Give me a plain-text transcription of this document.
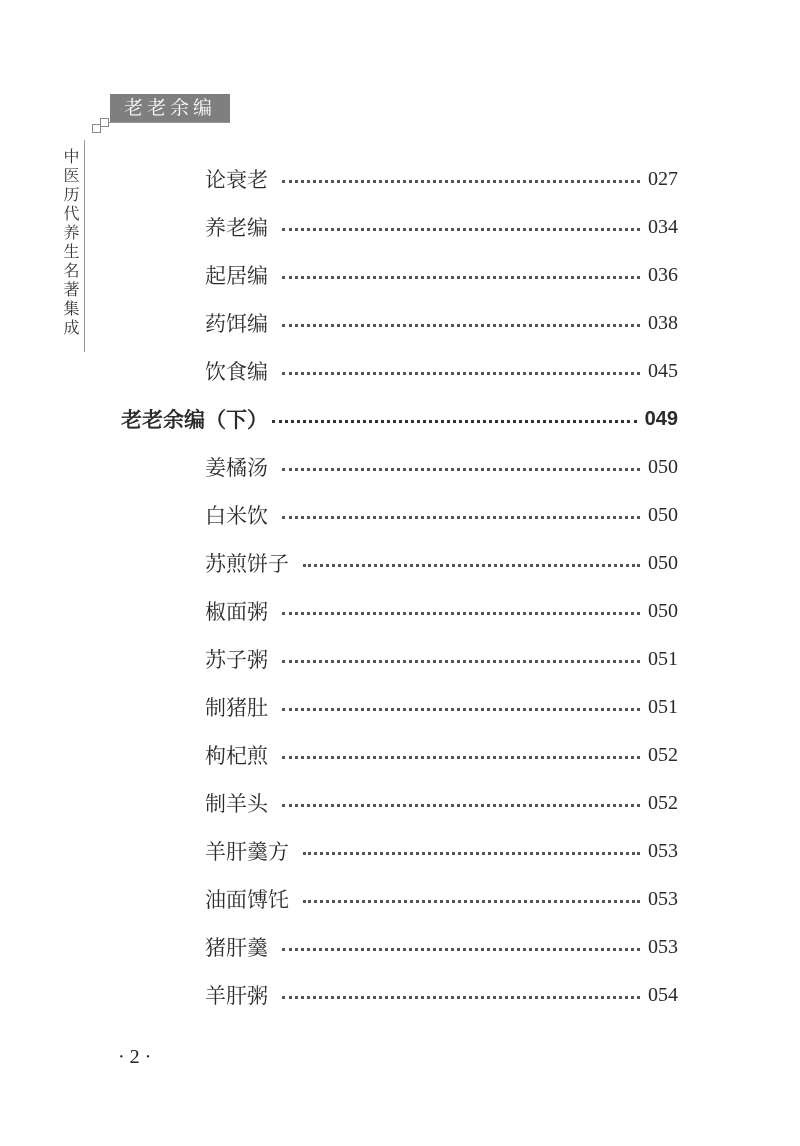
老老余编
中医历代养生名著集成	论衰老	027
养老编	034
起居编	036
药饵编	038
饮食编	045
老老余编（下）	049
姜橘汤	050
白米饮	050
苏煎饼子	050
椒面粥	050
苏子粥	051
制猪肚	051
枸杞煎	052
制羊头	052
羊肝羹方	053
油面馎饦	053
猪肝羹	053
羊肝粥	054
· 2 ·
